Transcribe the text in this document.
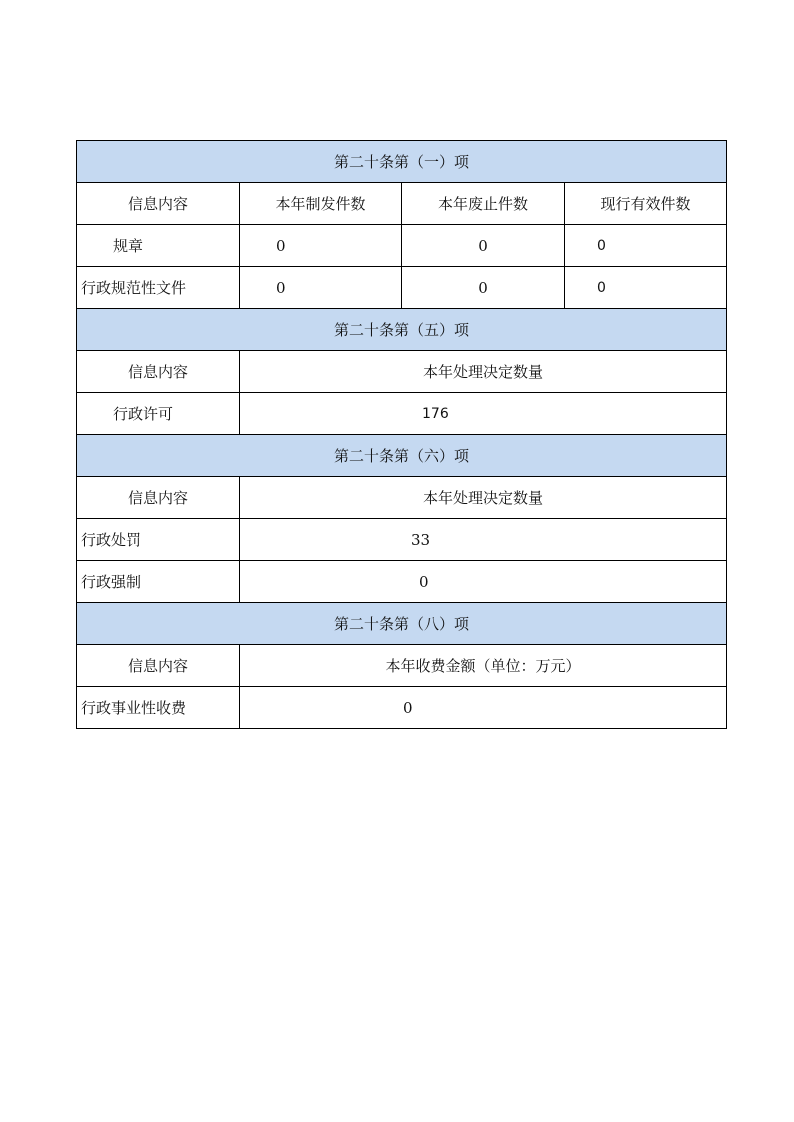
第二十条第（一）项			
信息内容	本年制发件数	本年废止件数	现行有效件数
规章	0	0	0
行政规范性文件	0	0	0
第二十条第（五）项			
信息内容	本年处理决定数量		
行政许可	176		
第二十条第（六）项			
信息内容	本年处理决定数量		
行政处罚	33		
行政强制	0		
第二十条第（八）项			
信息内容	本年收费金额（单位：万元）		
行政事业性收费	0		
